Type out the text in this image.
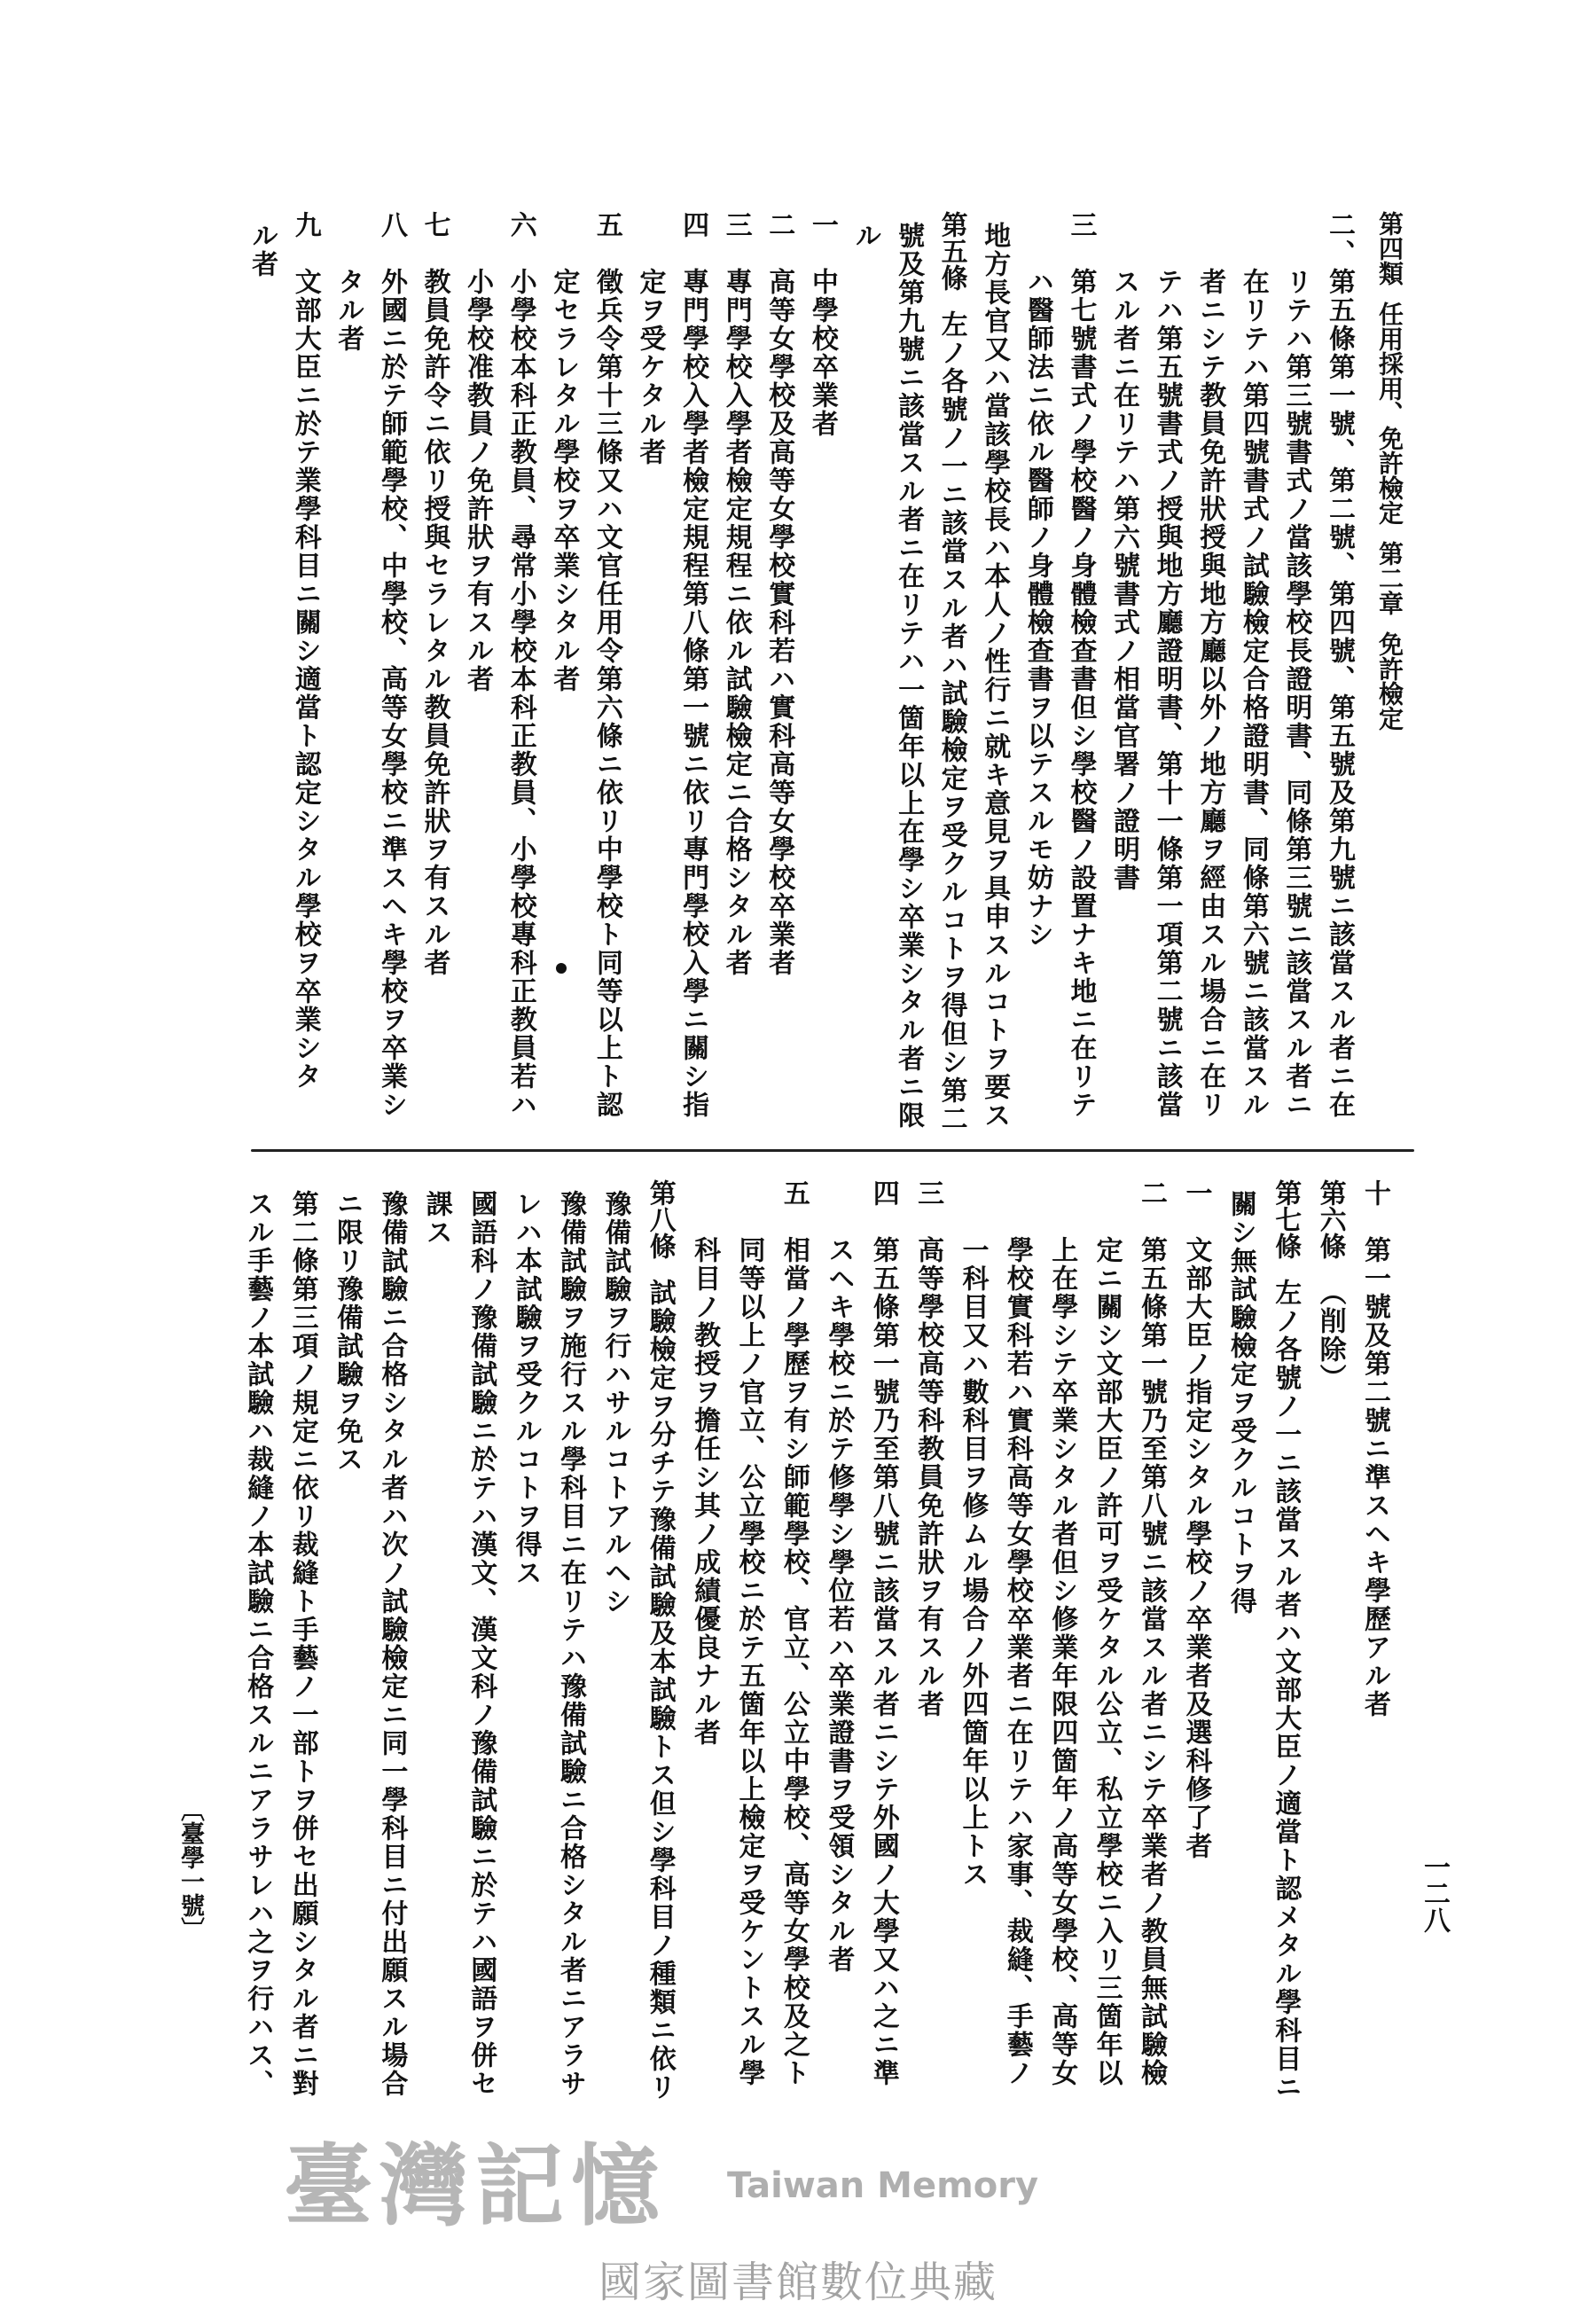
第四類任用採用、免許檢定第二章免許檢定
二、
第五條第一號、第二號、第四號、第五號及第九號ニ該當スル者ニ在
リテハ第三號書式ノ當該學校長證明書、同條第三號ニ該當スル者ニ
在リテハ第四號書式ノ試驗檢定合格證明書、同條第六號ニ該當スル
者ニシテ教員免許狀授與地方廳以外ノ地方廳ヲ經由スル場合ニ在リ
テハ第五號書式ノ授與地方廳證明書、第十一條第一項第二號ニ該當
スル者ニ在リテハ第六號書式ノ相當官署ノ證明書
三
第七號書式ノ學校醫ノ身體檢查書但シ學校醫ノ設置ナキ地ニ在リテ
ハ醫師法ニ依ル醫師ノ身體檢查書ヲ以テスルモ妨ナシ
地方長官又ハ當該學校長ハ本人ノ性行ニ就キ意見ヲ具申スルコトヲ要ス
第五條
左ノ各號ノ一ニ該當スル者ハ試驗檢定ヲ受クルコトヲ得但シ第二
號及第九號ニ該當スル者ニ在リテハ一箇年以上在學シ卒業シタル者ニ限
ル
一
中學校卒業者
二
高等女學校及高等女學校實科若ハ實科高等女學校卒業者
三
專門學校入學者檢定規程ニ依ル試驗檢定ニ合格シタル者
四
專門學校入學者檢定規程第八條第一號ニ依リ專門學校入學ニ關シ指
定ヲ受ケタル者
五
徵兵令第十三條又ハ文官任用令第六條ニ依リ中學校ト同等以上ト認
定セラレタル學校ヲ卒業シタル者
六
小學校本科正教員、尋常小學校本科正教員、小學校專科正教員若ハ
小學校准教員ノ免許狀ヲ有スル者
七
教員免許令ニ依リ授與セラレタル教員免許狀ヲ有スル者
八
外國ニ於テ師範學校、中學校、高等女學校ニ準スヘキ學校ヲ卒業シ
タル者
九
文部大臣ニ於テ業學科目ニ關シ適當ト認定シタル學校ヲ卒業シタ
ル者
十
第一號及第二號ニ準スヘキ學歷アル者
第六條
（削除）
第七條
左ノ各號ノ一ニ該當スル者ハ文部大臣ノ適當ト認メタル學科目ニ
關シ無試驗檢定ヲ受クルコトヲ得
一
文部大臣ノ指定シタル學校ノ卒業者及選科修了者
二
第五條第一號乃至第八號ニ該當スル者ニシテ卒業者ノ教員無試驗檢
定ニ關シ文部大臣ノ許可ヲ受ケタル公立、私立學校ニ入リ三箇年以
上在學シテ卒業シタル者但シ修業年限四箇年ノ高等女學校、高等女
學校實科若ハ實科高等女學校卒業者ニ在リテハ家事、裁縫、手藝ノ
一科目又ハ數科目ヲ修ムル場合ノ外四箇年以上トス
三
高等學校高等科教員免許狀ヲ有スル者
四
第五條第一號乃至第八號ニ該當スル者ニシテ外國ノ大學又ハ之ニ準
スヘキ學校ニ於テ修學シ學位若ハ卒業證書ヲ受領シタル者
五
相當ノ學歷ヲ有シ師範學校、官立、公立中學校、高等女學校及之ト
同等以上ノ官立、公立學校ニ於テ五箇年以上檢定ヲ受ケントスル學
科目ノ教授ヲ擔任シ其ノ成績優良ナル者
第八條
試驗檢定ヲ分チテ豫備試驗及本試驗トス但シ學科目ノ種類ニ依リ
豫備試驗ヲ行ハサルコトアルヘシ
豫備試驗ヲ施行スル學科目ニ在リテハ豫備試驗ニ合格シタル者ニアラサ
レハ本試驗ヲ受クルコトヲ得ス
國語科ノ豫備試驗ニ於テハ漢文、漢文科ノ豫備試驗ニ於テハ國語ヲ併セ
課ス
豫備試驗ニ合格シタル者ハ次ノ試驗檢定ニ同一學科目ニ付出願スル場合
ニ限リ豫備試驗ヲ免ス
第二條第三項ノ規定ニ依リ裁縫ト手藝ノ一部トヲ併セ出願シタル者ニ對
スル手藝ノ本試驗ハ裁縫ノ本試驗ニ合格スルニアラサレハ之ヲ行ハス、
臺灣記憶 Taiwan Memory
一二八
〔臺學一號〕
國家圖書館數位典藏
